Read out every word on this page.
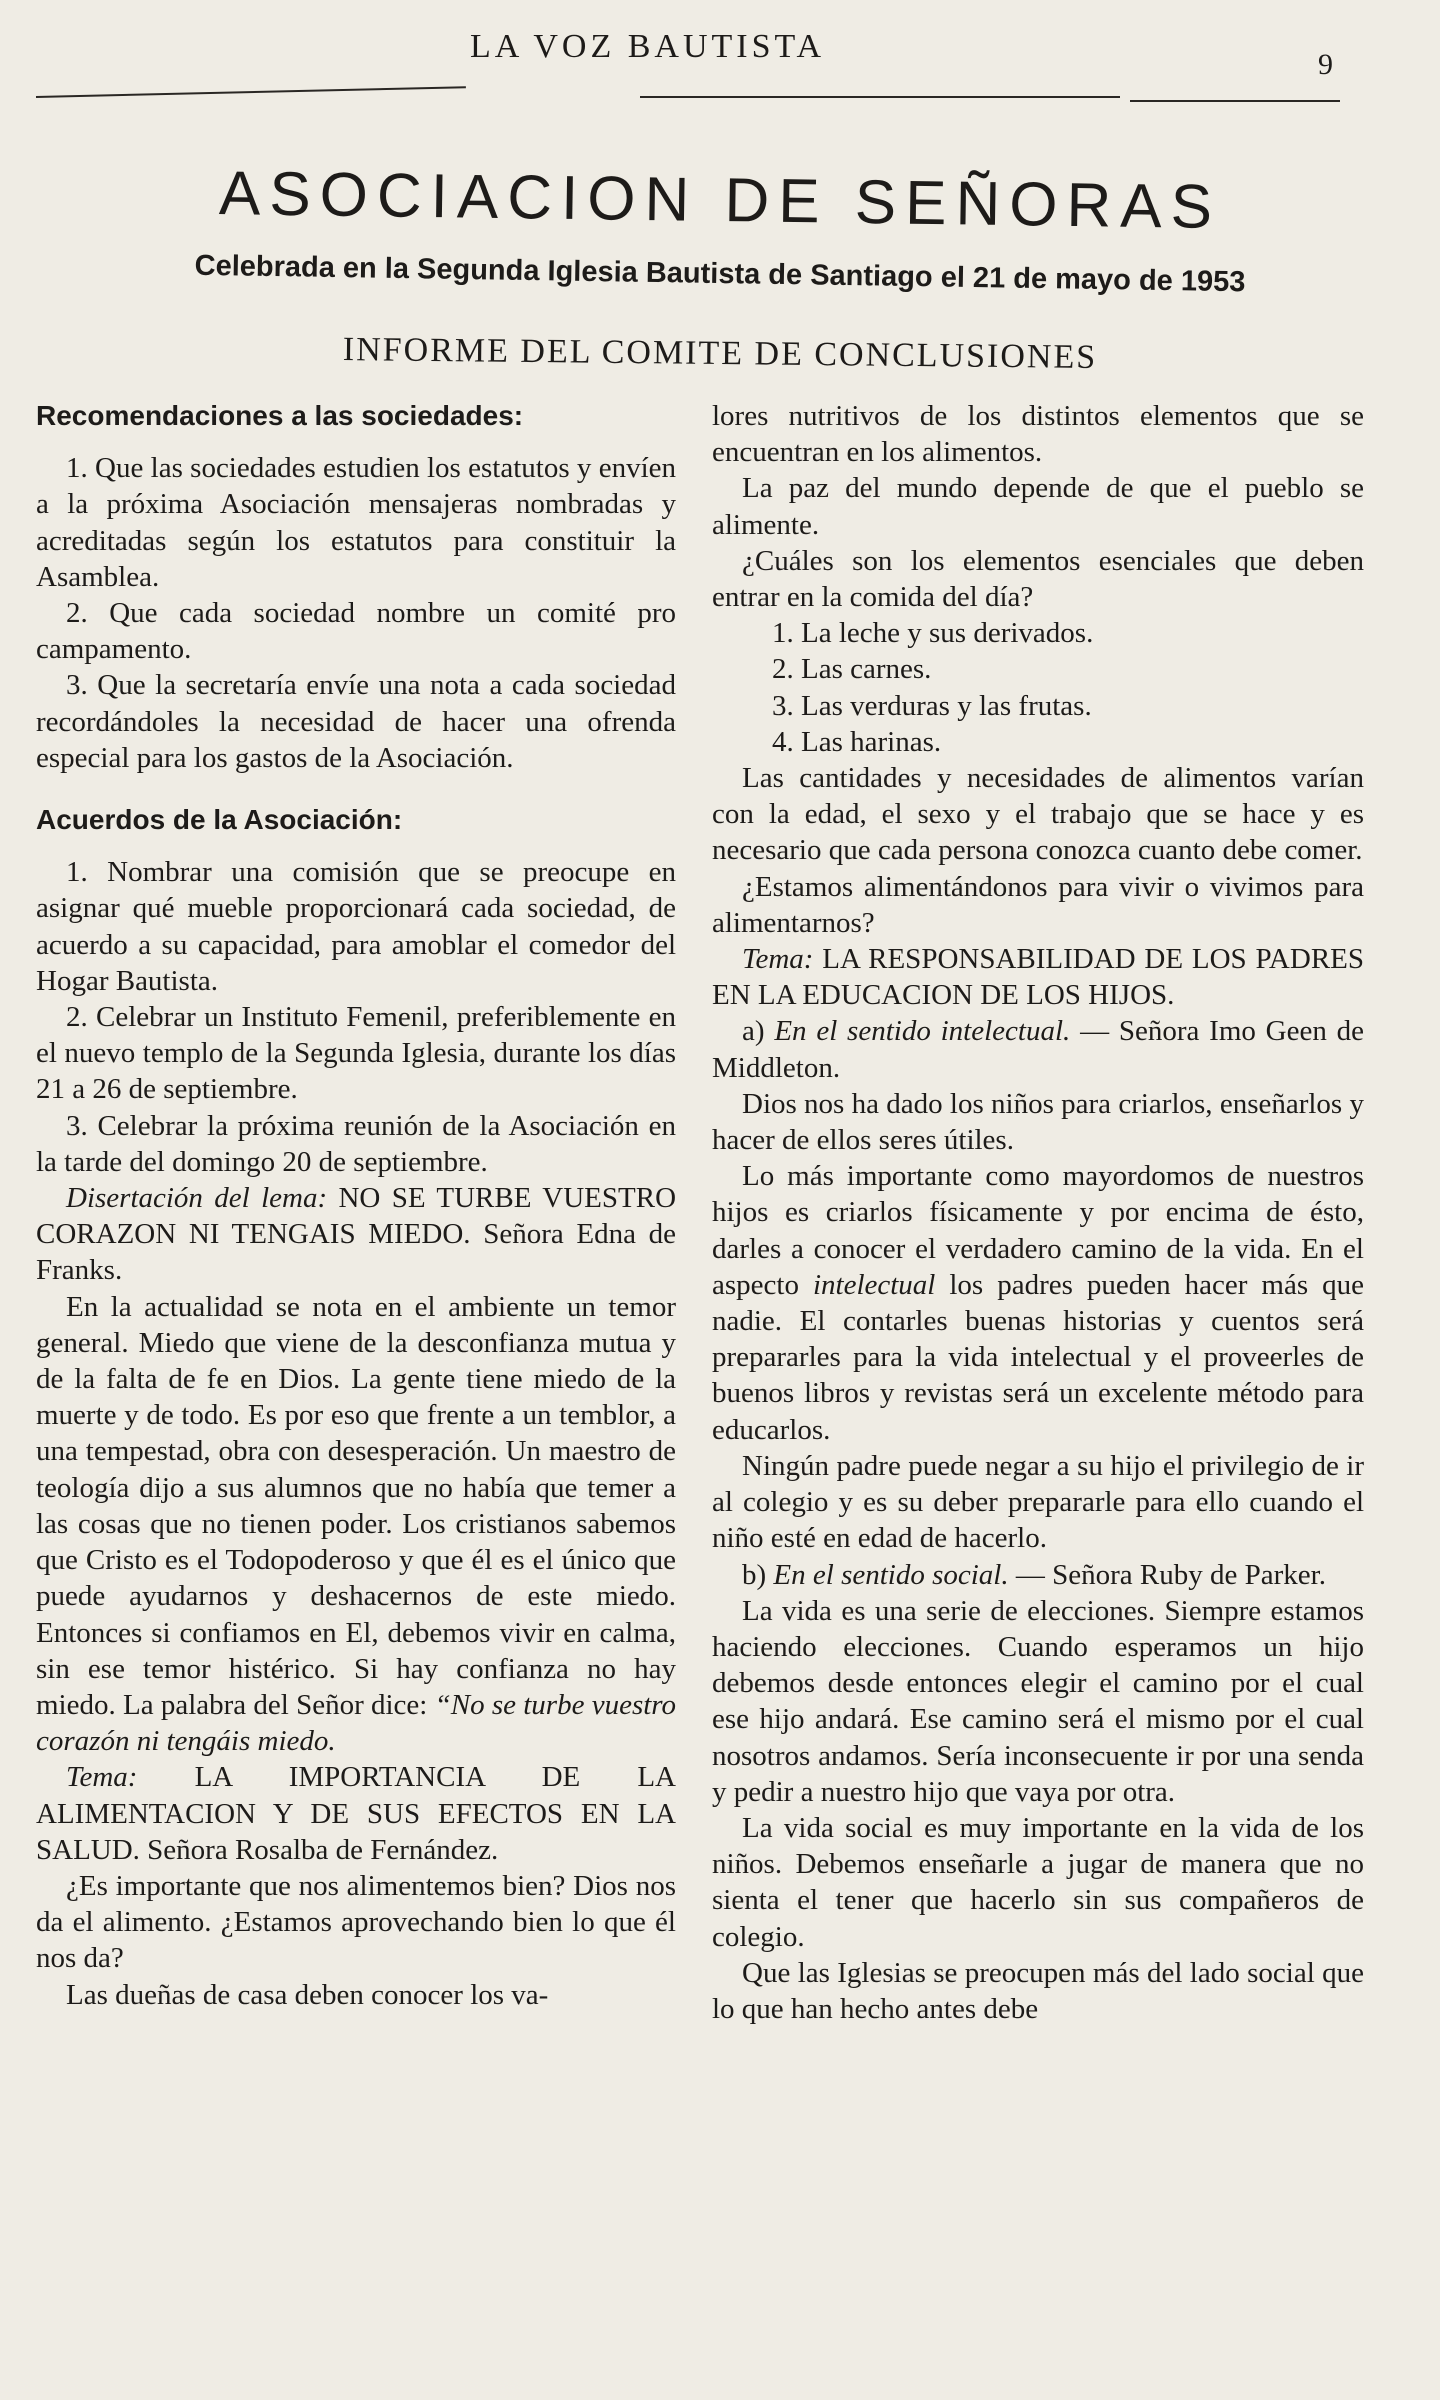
LA VOZ BAUTISTA	9
ASOCIACION DE SEÑORAS
Celebrada en la Segunda Iglesia Bautista de Santiago el 21 de mayo de 1953
INFORME DEL COMITE DE CONCLUSIONES
Recomendaciones a las sociedades:

1. Que las sociedades estudien los estatutos y envíen a la próxima Asociación mensajeras nombradas y acreditadas según los estatutos para constituir la Asamblea.

2. Que cada sociedad nombre un comité pro campamento.

3. Que la secretaría envíe una nota a cada sociedad recordándoles la necesidad de hacer una ofrenda especial para los gastos de la Asociación.

Acuerdos de la Asociación:

1. Nombrar una comisión que se preocupe en asignar qué mueble proporcionará cada sociedad, de acuerdo a su capacidad, para amoblar el comedor del Hogar Bautista.

2. Celebrar un Instituto Femenil, preferiblemente en el nuevo templo de la Segunda Iglesia, durante los días 21 a 26 de septiembre.

3. Celebrar la próxima reunión de la Asociación en la tarde del domingo 20 de septiembre.

Disertación del lema: NO SE TURBE VUESTRO CORAZON NI TENGAIS MIEDO. Señora Edna de Franks.

En la actualidad se nota en el ambiente un temor general. Miedo que viene de la desconfianza mutua y de la falta de fe en Dios. La gente tiene miedo de la muerte y de todo. Es por eso que frente a un temblor, a una tempestad, obra con desesperación. Un maestro de teología dijo a sus alumnos que no había que temer a las cosas que no tienen poder. Los cristianos sabemos que Cristo es el Todopoderoso y que él es el único que puede ayudarnos y deshacernos de este miedo. Entonces si confiamos en El, debemos vivir en calma, sin ese temor histérico. Si hay confianza no hay miedo. La palabra del Señor dice: “No se turbe vuestro corazón ni tengáis miedo.

Tema: LA IMPORTANCIA DE LA ALIMENTACION Y DE SUS EFECTOS EN LA SALUD. Señora Rosalba de Fernández.

¿Es importante que nos alimentemos bien? Dios nos da el alimento. ¿Estamos aprovechando bien lo que él nos da?

Las dueñas de casa deben conocer los va-

lores nutritivos de los distintos elementos que se encuentran en los alimentos.

La paz del mundo depende de que el pueblo se alimente.

¿Cuáles son los elementos esenciales que deben entrar en la comida del día?

1. La leche y sus derivados.
2. Las carnes.
3. Las verduras y las frutas.
4. Las harinas.

Las cantidades y necesidades de alimentos varían con la edad, el sexo y el trabajo que se hace y es necesario que cada persona conozca cuanto debe comer.

¿Estamos alimentándonos para vivir o vivimos para alimentarnos?

Tema: LA RESPONSABILIDAD DE LOS PADRES EN LA EDUCACION DE LOS HIJOS.

a) En el sentido intelectual. — Señora Imo Geen de Middleton.

Dios nos ha dado los niños para criarlos, enseñarlos y hacer de ellos seres útiles.

Lo más importante como mayordomos de nuestros hijos es criarlos físicamente y por encima de ésto, darles a conocer el verdadero camino de la vida. En el aspecto intelectual los padres pueden hacer más que nadie. El contarles buenas historias y cuentos será prepararles para la vida intelectual y el proveerles de buenos libros y revistas será un excelente método para educarlos.

Ningún padre puede negar a su hijo el privilegio de ir al colegio y es su deber prepararle para ello cuando el niño esté en edad de hacerlo.

b) En el sentido social. — Señora Ruby de Parker.

La vida es una serie de elecciones. Siempre estamos haciendo elecciones. Cuando esperamos un hijo debemos desde entonces elegir el camino por el cual ese hijo andará. Ese camino será el mismo por el cual nosotros andamos. Sería inconsecuente ir por una senda y pedir a nuestro hijo que vaya por otra.

La vida social es muy importante en la vida de los niños. Debemos enseñarle a jugar de manera que no sienta el tener que hacerlo sin sus compañeros de colegio.

Que las Iglesias se preocupen más del lado social que lo que han hecho antes debe
